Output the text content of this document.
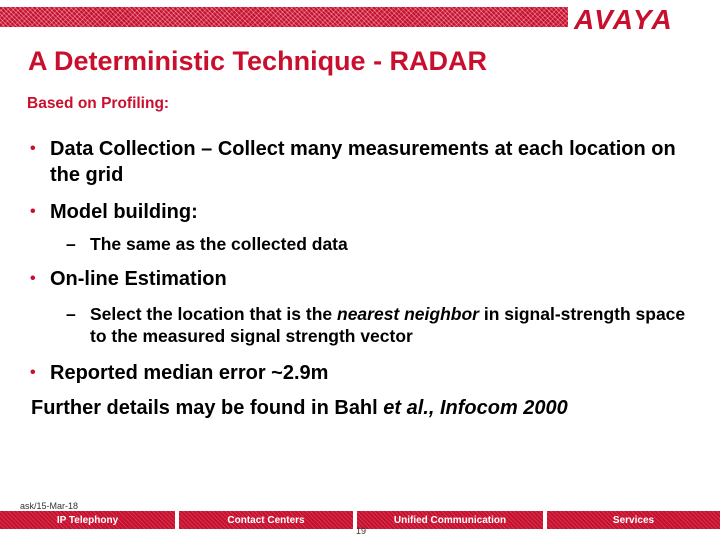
AVAYA
A Deterministic Technique - RADAR
Based on Profiling:
• Data Collection – Collect many measurements at each location on the grid
• Model building:
– The same as the collected data
• On-line Estimation
– Select the location that is the nearest neighbor in signal-strength space to the measured signal strength vector
• Reported median error ~2.9m
Further details may be found in Bahl et al., Infocom 2000
ask/15-Mar-18
IP Telephony	Contact Centers	Unified Communication	Services
19
